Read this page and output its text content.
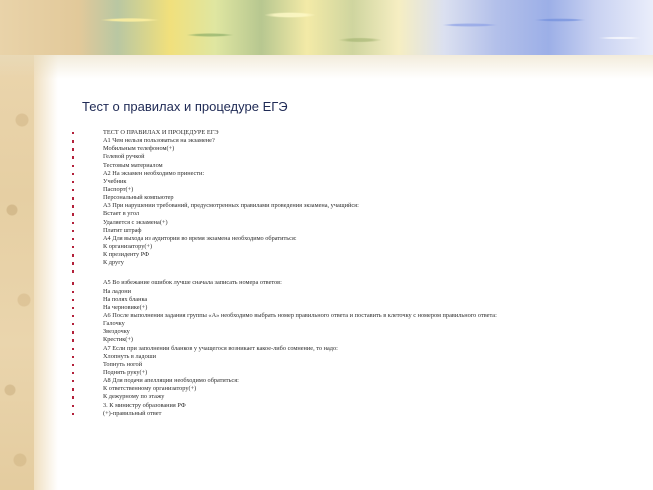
Тест о правилах и процедуре ЕГЭ
ТЕСТ О ПРАВИЛАХ И ПРОЦЕДУРЕ ЕГЭ
А1 Чем нельзя пользоваться на экзамене?
Мобильным телефоном(+)
Гелевой ручкой
Тестовым материалом
А2 На экзамен необходимо принести:
Учебник
Паспорт(+)
Персональный компьютер
А3 При нарушении требований, предусмотренных правилами проведения экзамена, учащийся:
Встает в угол
Удаляется с экзамена(+)
Платит штраф
А4 Для выхода из аудитории во время экзамена необходимо обратиться:
К организатору(+)
К президенту РФ
К другу
А5 Во избежание ошибок лучше сначала записать номера ответов:
На ладони
На полях бланка
На черновике(+)
А6 После выполнения задания группы «А» необходимо выбрать номер правильного ответа и поставить в клеточку с номером правильного ответа:
Галочку
Звездочку
Крестик(+)
А7 Если при заполнении бланков у учащегося возникает какое-либо сомнение, то надо:
Хлопнуть в ладоши
Топнуть ногой
Поднять руку(+)
А8 Для подачи апелляции необходимо обратиться:
К ответственному организатору(+)
К дежурному по этажу
3. К министру образования РФ
(+)-правильный ответ
